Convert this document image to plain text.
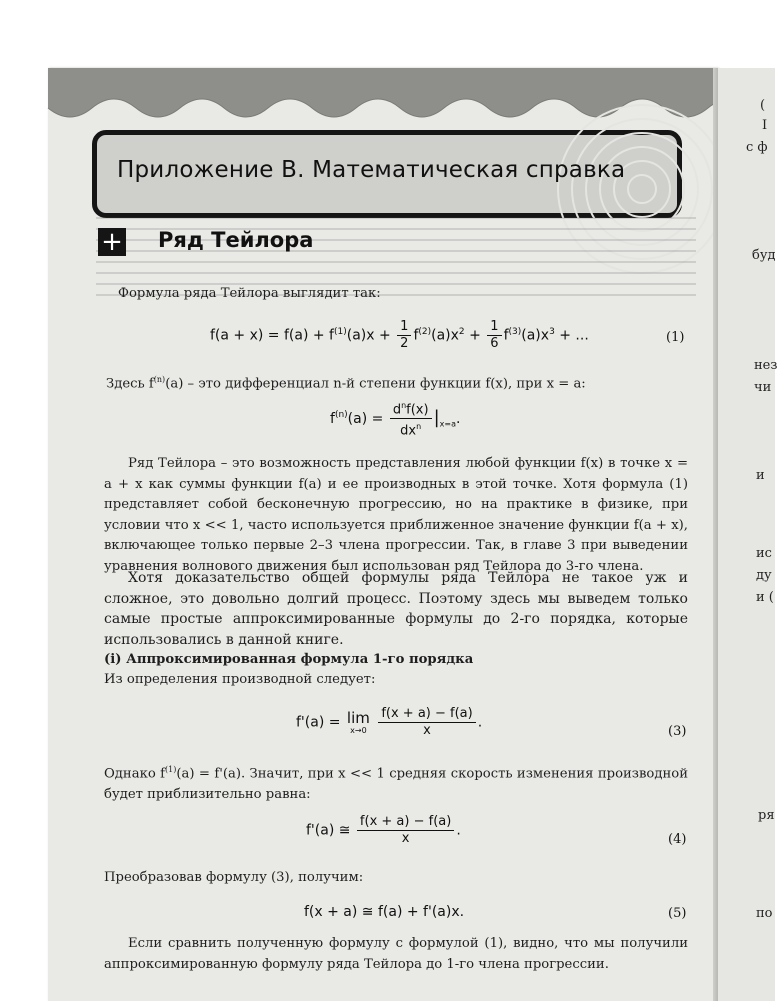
Приложение B. Математическая справка
+ Ряд Тейлора

Формула ряда Тейлора выглядит так:

$f(a + x) = f(a) + f^{(1)}(a)x + \frac{1}{2} f^{(2)}(a)x^2 + \frac{1}{6} f^{(3)}(a)x^3$ + ...	(1)

Здесь $f^{(n)}(a)$ – это дифференциал n-й степени функции f(x), при x = a:

$f^{(n)}(a) = \frac{d^nf(x)}{dx^n} |_{x=a}$.

Ряд Тейлора – это возможность представления любой функции f(x) в точке x = a + x как суммы функции f(a) и ее производных в этой точке. Хотя формула (1) представляет собой бесконечную прогрессию, но на практике в физике, при условии что x << 1, часто используется приближенное значение функции f(a + x), включающее только первые 2–3 члена прогрессии. Так, в главе 3 при выведении уравнения волнового движения был использован ряд Тейлора до 3-го члена.

Хотя доказательство общей формулы ряда Тейлора не такое уж и сложное, это довольно долгий процесс. Поэтому здесь мы выведем только самые простые аппроксимированные формулы до 2-го порядка, которые использовались в данной книге.

(i) Аппроксимированная формула 1-го порядка

Из определения производной следует:

f'(a) = lim
x→0
$\frac{f(x + a) - f(a)}{x}$ .
(3)

Однако $f^{(1)}(a) = f'(a)$. Значит, при x << 1 средняя скорость изменения производной будет приблизительно равна:

f'(a) ≅ $\frac{f(x + a) - f(a)}{x}$ .
(4)

Преобразовав формулу (3), получим:

f(x + a) ≅ f(a) + f'(a)x.	(5)

Если сравнить полученную формулу с формулой (1), видно, что мы получили аппроксимированную формулу ряда Тейлора до 1-го члена прогрессии.

(
I
с ф
буд
нез
чи
и
ис
ду
и (
ря
по
